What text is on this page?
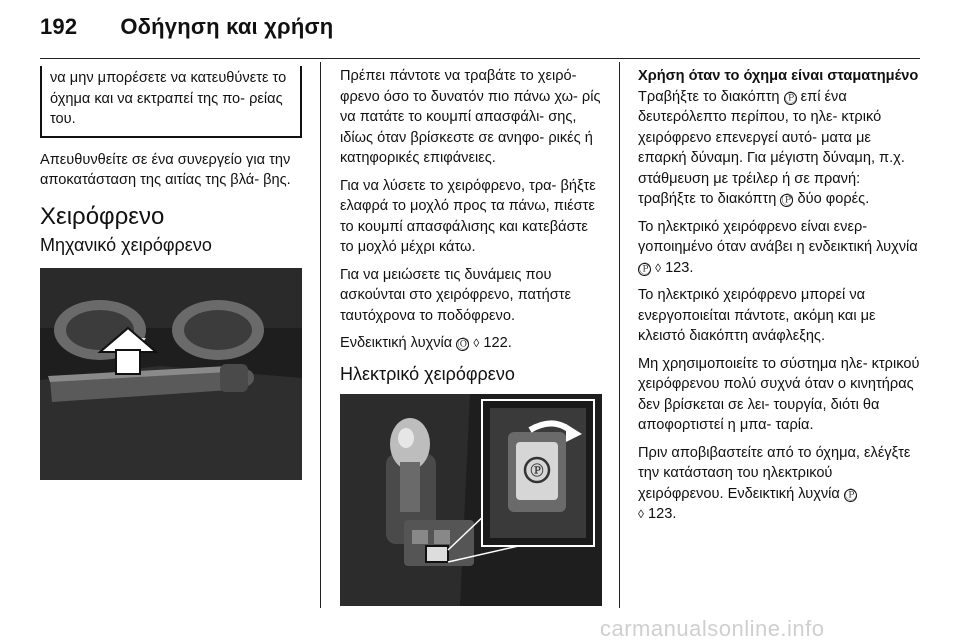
192 Οδήγηση και χρήση
να μην μπορέσετε να κατευθύνετε το όχημα και να εκτραπεί της πο- ρείας του.

Απευθυνθείτε σε ένα συνεργείο για την αποκατάσταση της αιτίας της βλά- βης.

Χειρόφρενο
Μηχανικό χειρόφρενο

Πρέπει πάντοτε να τραβάτε το χειρό- φρενο όσο το δυνατόν πιο πάνω χω- ρίς να πατάτε το κουμπί απασφάλι- σης, ιδίως όταν βρίσκεστε σε ανηφο- ρικές ή κατηφορικές επιφάνειες.

Για να λύσετε το χειρόφρενο, τρα- βήξτε ελαφρά το μοχλό προς τα πάνω, πιέστε το κουμπί απασφάλισης και κατεβάστε το μοχλό μέχρι κάτω.

Για να μειώσετε τις δυνάμεις που ασκούνται στο χειρόφρενο, πατήστε ταυτόχρονα το ποδόφρενο.

Ενδεικτική λυχνία Ⓞ ◊ 122.

Ηλεκτρικό χειρόφρενο
Ⓟ
Χρήση όταν το όχημα είναι σταματημένο

Τραβήξτε το διακόπτη Ⓟ επί ένα δευτερόλεπτο περίπου, το ηλε- κτρικό χειρόφρενο επενεργεί αυτό- ματα με επαρκή δύναμη. Για μέγιστη δύναμη, π.χ. στάθμευση με τρέιλερ ή σε πρανή: τραβήξτε το διακόπτη Ⓟ δύο φορές.

Το ηλεκτρικό χειρόφρενο είναι ενερ- γοποιημένο όταν ανάβει η ενδεικτική λυχνία Ⓟ ◊ 123.

Το ηλεκτρικό χειρόφρενο μπορεί να ενεργοποιείται πάντοτε, ακόμη και με κλειστό διακόπτη ανάφλεξης.

Μη χρησιμοποιείτε το σύστημα ηλε- κτρικού χειρόφρενου πολύ συχνά όταν ο κινητήρας δεν βρίσκεται σε λει- τουργία, διότι θα αποφορτιστεί η μπα- ταρία.

Πριν αποβιβαστείτε από το όχημα, ελέγξτε την κατάσταση του ηλεκτρικού χειρόφρενου. Ενδεικτική λυχνία Ⓟ
◊ 123.

carmanualsonline.info
